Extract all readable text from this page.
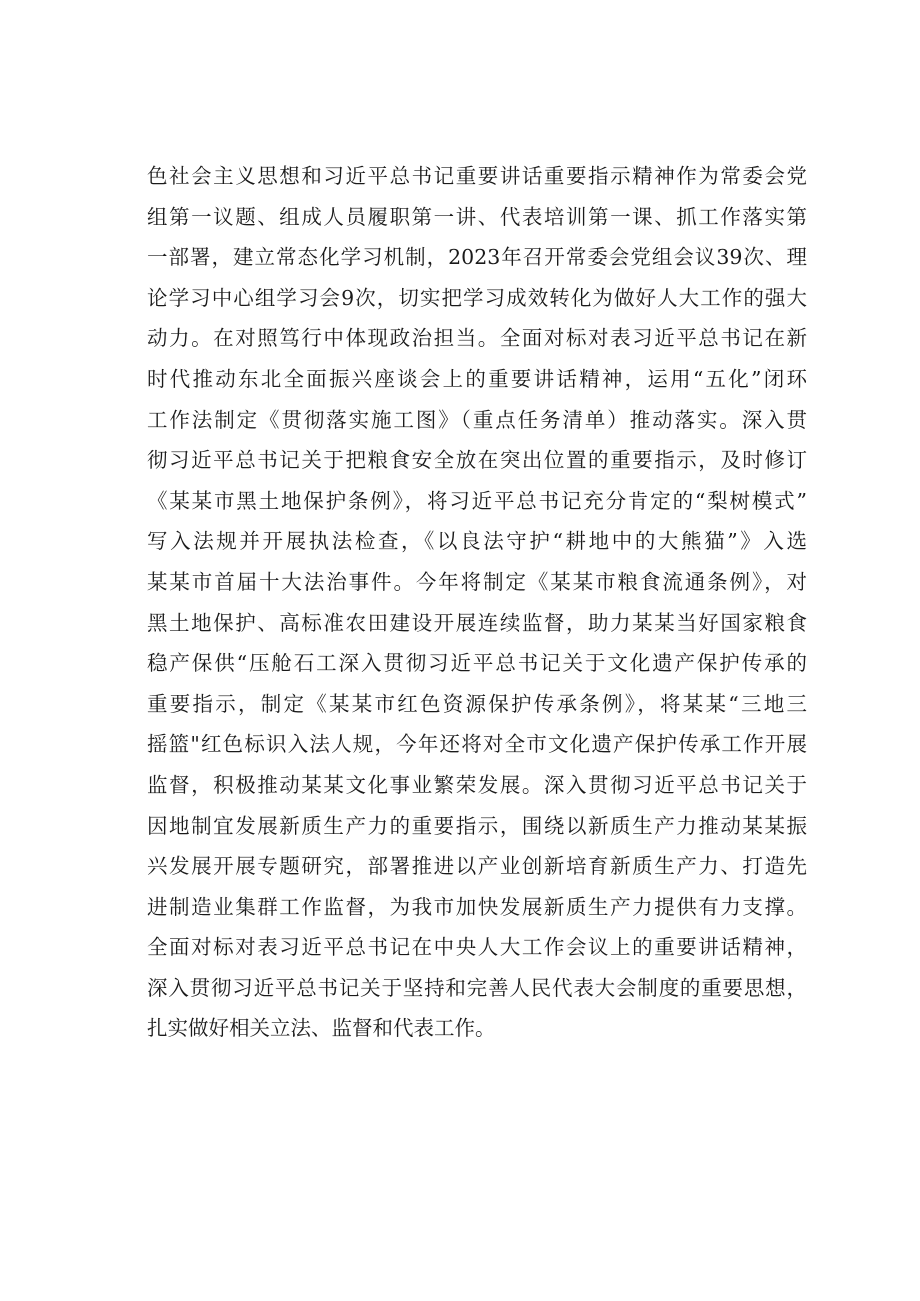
色社会主义思想和习近平总书记重要讲话重要指示精神作为常委会党
组第一议题、组成人员履职第一讲、代表培训第一课、抓工作落实第
一部署，建立常态化学习机制，2023年召开常委会党组会议39次、理
论学习中心组学习会9次，切实把学习成效转化为做好人大工作的强大
动力。在对照笃行中体现政治担当。全面对标对表习近平总书记在新
时代推动东北全面振兴座谈会上的重要讲话精神，运用“五化”闭环
工作法制定《贯彻落实施工图》（重点任务清单）推动落实。深入贯
彻习近平总书记关于把粮食安全放在突出位置的重要指示，及时修订
《某某市黑土地保护条例》，将习近平总书记充分肯定的“梨树模式”
写入法规并开展执法检查，《以良法守护“耕地中的大熊猫”》入选
某某市首届十大法治事件。今年将制定《某某市粮食流通条例》，对
黑土地保护、高标准农田建设开展连续监督，助力某某当好国家粮食
稳产保供“压舱石工深入贯彻习近平总书记关于文化遗产保护传承的
重要指示，制定《某某市红色资源保护传承条例》，将某某“三地三
摇篮"红色标识入法人规，今年还将对全市文化遗产保护传承工作开展
监督，积极推动某某文化事业繁荣发展。深入贯彻习近平总书记关于
因地制宜发展新质生产力的重要指示，围绕以新质生产力推动某某振
兴发展开展专题研究，部署推进以产业创新培育新质生产力、打造先
进制造业集群工作监督，为我市加快发展新质生产力提供有力支撑。
全面对标对表习近平总书记在中央人大工作会议上的重要讲话精神，
深入贯彻习近平总书记关于坚持和完善人民代表大会制度的重要思想，
扎实做好相关立法、监督和代表工作。
